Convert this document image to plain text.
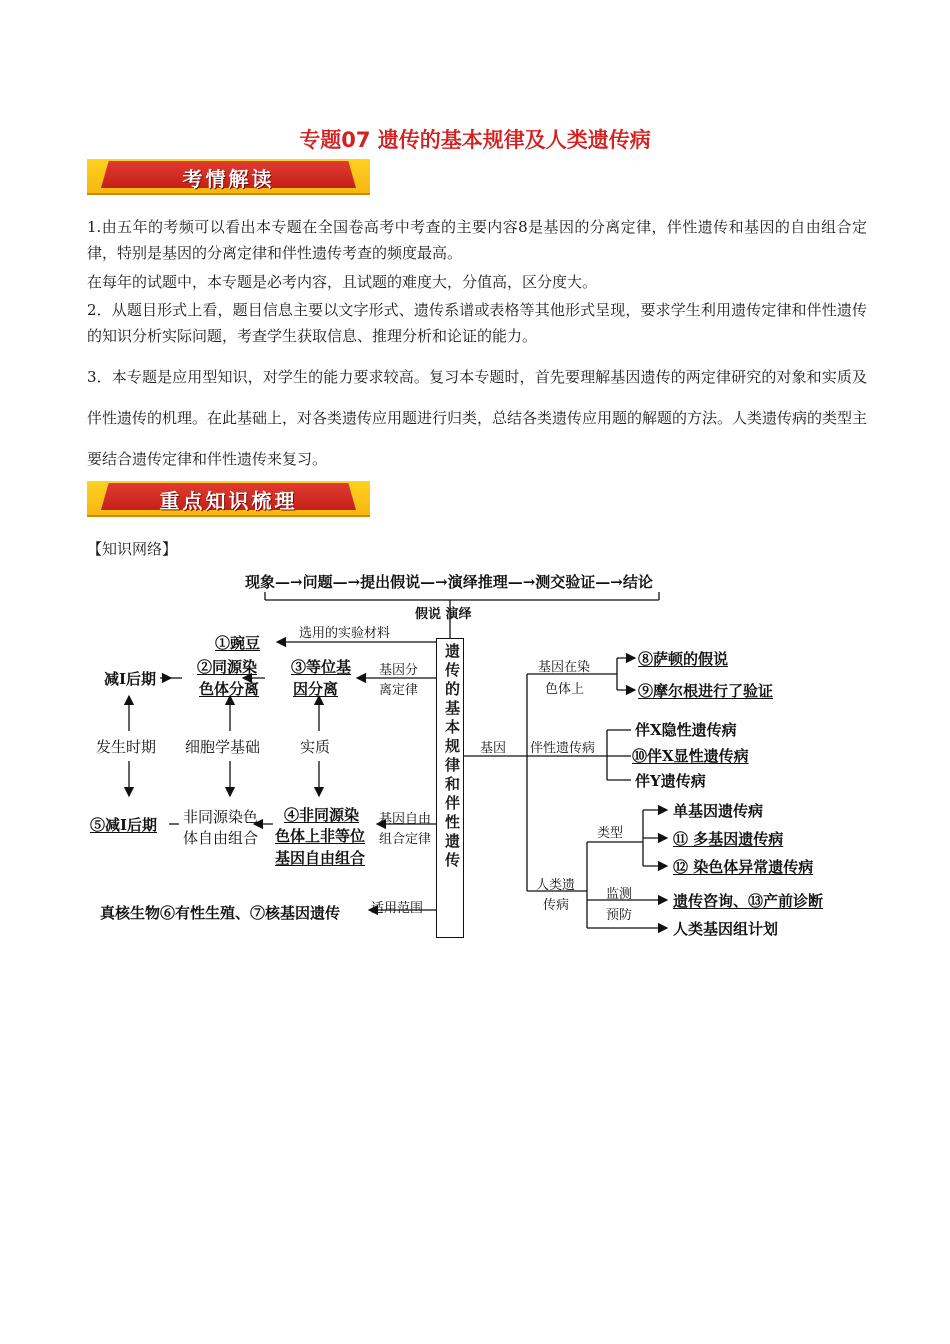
专题07 遗传的基本规律及人类遗传病
考情解读
1.由五年的考频可以看出本专题在全国卷高考中考查的主要内容8是基因的分离定律，伴性遗传和基因的自由组合定律，特别是基因的分离定律和伴性遗传考查的频度最高。
在每年的试题中，本专题是必考内容，且试题的难度大，分值高，区分度大。
2．从题目形式上看，题目信息主要以文字形式、遗传系谱或表格等其他形式呈现，要求学生利用遗传定律和伴性遗传的知识分析实际问题，考查学生获取信息、推理分析和论证的能力。
3．本专题是应用型知识，对学生的能力要求较高。复习本专题时，首先要理解基因遗传的两定律研究的对象和实质及伴性遗传的机理。在此基础上，对各类遗传应用题进行归类，总结各类遗传应用题的解题的方法。人类遗传病的类型主要结合遗传定律和伴性遗传来复习。
重点知识梳理
【知识网络】
现象—→问题—→提出假说—→演绎推理—→测交验证—→结论
假说 演绎
遗传的基本规律和伴性遗传
选用的实验材料
①豌豆
减Ⅰ后期
②同源染
色体分离
③等位基
因分离
基因分
离定律
发生时期 细胞学基础	实质
⑤减Ⅰ后期 非同源染色
体自由组合
④非同源染
色体上非等位
基因自由组合
基因自由
组合定律
适用范围
真核生物⑥有性生殖、⑦核基因遗传
基因
基因在染
色体上
⑧萨顿的假说
⑨摩尔根进行了验证
伴性遗传病
伴X隐性遗传病
⑩伴X显性遗传病
伴Y遗传病
类型
单基因遗传病
⑪ 多基因遗传病
⑫ 染色体异常遗传病
人类遗
传病
监测
预防
遗传咨询、⑬产前诊断
人类基因组计划
